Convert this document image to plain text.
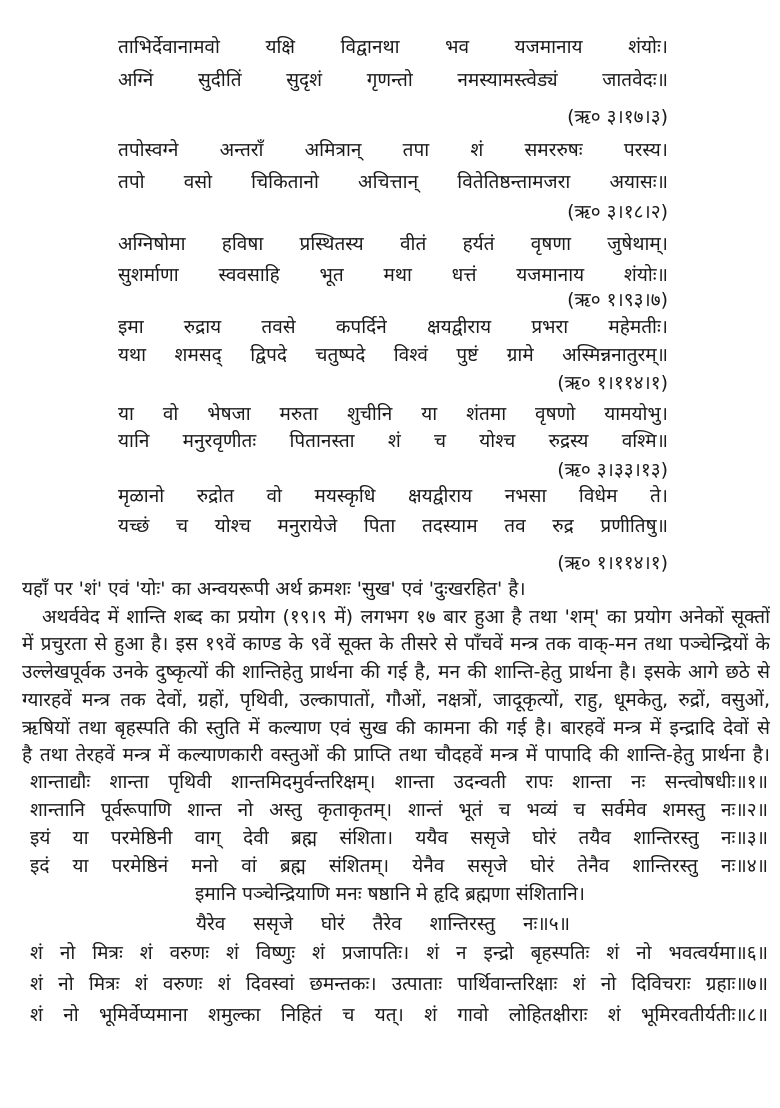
ताभिर्देवानामवो यक्षि विद्वानथा भव यजमानाय शंयोः।
अग्निं सुदीतिं सुदृशं गृणन्तो नमस्यामस्त्वेड्यं जातवेदः॥
(ऋ० ३।१७।३)
तपोस्वग्ने अन्तराँ अमित्रान् तपा शं समररुषः परस्य।
तपो वसो चिकितानो अचित्तान् वितेतिष्ठन्तामजरा अयासः॥
(ऋ० ३।१८।२)
अग्निषोमा हविषा प्रस्थितस्य वीतं हर्यतं वृषणा जुषेथाम्।
सुशर्माणा स्ववसाहि भूत मथा धत्तं यजमानाय शंयोः॥
(ऋ० १।९३।७)
इमा रुद्राय तवसे कपर्दिने क्षयद्वीराय प्रभरा महेमतीः।
यथा शमसद् द्विपदे चतुष्पदे विश्वं पुष्टं ग्रामे अस्मिन्ननातुरम्॥
(ऋ० १।११४।१)
या वो भेषजा मरुता शुचीनि या शंतमा वृषणो यामयोभु।
यानि मनुरवृणीतः पितानस्ता शं च योश्च रुद्रस्य वश्मि॥
(ऋ० ३।३३।१३)
मृळानो रुद्रोत वो मयस्कृधि क्षयद्वीराय नभसा विधेम ते।
यच्छं च योश्च मनुरायेजे पिता तदस्याम तव रुद्र प्रणीतिषु॥
(ऋ० १।११४।१)
यहाँ पर 'शं' एवं 'योः' का अन्वयरूपी अर्थ क्रमशः 'सुख' एवं 'दुःखरहित' है।
अथर्ववेद में शान्ति शब्द का प्रयोग (१९।९ में) लगभग १७ बार हुआ है तथा 'शम्' का प्रयोग अनेकों सूक्तों
में प्रचुरता से हुआ है। इस १९वें काण्ड के ९वें सूक्त के तीसरे से पाँचवें मन्त्र तक वाक्-मन तथा पञ्चेन्द्रियों के
उल्लेखपूर्वक उनके दुष्कृत्यों की शान्तिहेतु प्रार्थना की गई है, मन की शान्ति-हेतु प्रार्थना है। इसके आगे छठे से
ग्यारहवें मन्त्र तक देवों, ग्रहों, पृथिवी, उल्कापातों, गौओं, नक्षत्रों, जादूकृत्यों, राहु, धूमकेतु, रुद्रों, वसुओं,
ऋषियों तथा बृहस्पति की स्तुति में कल्याण एवं सुख की कामना की गई है। बारहवें मन्त्र में इन्द्रादि देवों से
है तथा तेरहवें मन्त्र में कल्याणकारी वस्तुओं की प्राप्ति तथा चौदहवें मन्त्र में पापादि की शान्ति-हेतु प्रार्थना है।
शान्ताद्यौः शान्ता पृथिवी शान्तमिदमुर्वन्तरिक्षम्। शान्ता उदन्वती रापः शान्ता नः सन्त्वोषधीः॥१॥
शान्तानि पूर्वरूपाणि शान्त नो अस्तु कृताकृतम्। शान्तं भूतं च भव्यं च सर्वमेव शमस्तु नः॥२॥
इयं या परमेष्ठिनी वाग् देवी ब्रह्म संशिता। ययैव ससृजे घोरं तयैव शान्तिरस्तु नः॥३॥
इदं या परमेष्ठिनं मनो वां ब्रह्म संशितम्। येनैव ससृजे घोरं तेनैव शान्तिरस्तु नः॥४॥
इमानि पञ्चेन्द्रियाणि मनः षष्ठानि मे हृदि ब्रह्मणा संशितानि।
यैरेव ससृजे घोरं तैरेव शान्तिरस्तु नः॥५॥
शं नो मित्रः शं वरुणः शं विष्णुः शं प्रजापतिः। शं न इन्द्रो बृहस्पतिः शं नो भवत्वर्यमा॥६॥
शं नो मित्रः शं वरुणः शं दिवस्वां छमन्तकः। उत्पाताः पार्थिवान्तरिक्षाः शं नो दिविचराः ग्रहाः॥७॥
शं नो भूमिर्वेप्यमाना शमुल्का निहितं च यत्। शं गावो लोहितक्षीराः शं भूमिरवतीर्यतीः॥८॥
